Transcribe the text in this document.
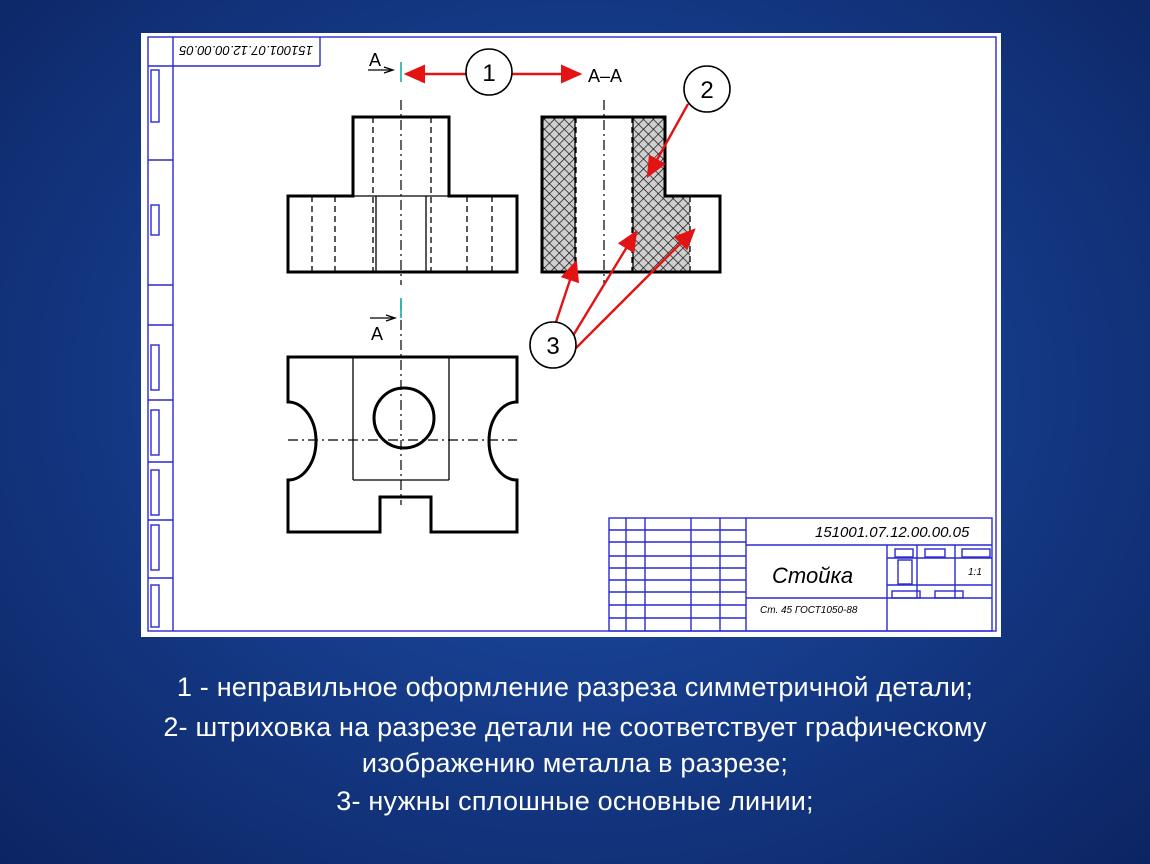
151001.07.12.00.00.05	A
A
A–A
151001.07.12.00.00.05
Стойка	1:1
Ст. 45 ГОСТ1050-88
1
2
3
1 - неправильное оформление разреза симметричной детали;
2- штриховка на разрезе детали не соответствует графическому
изображению металла в разрезе;
3- нужны сплошные основные линии;
